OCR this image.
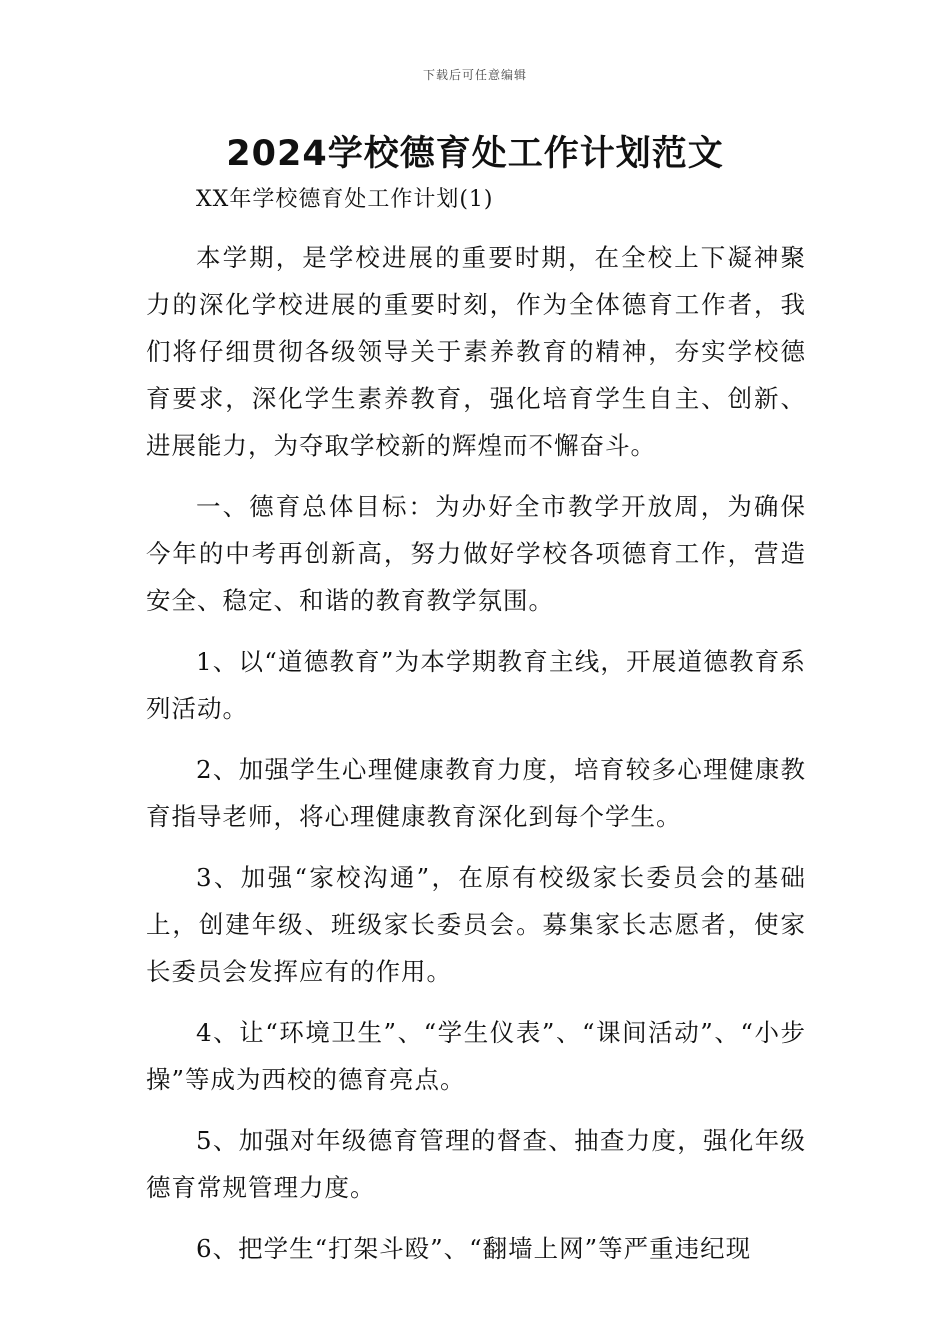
下载后可任意编辑
2024学校德育处工作计划范文

XX年学校德育处工作计划(1)

本学期，是学校进展的重要时期，在全校上下凝神聚力的深化学校进展的重要时刻，作为全体德育工作者，我们将仔细贯彻各级领导关于素养教育的精神，夯实学校德育要求，深化学生素养教育，强化培育学生自主、创新、进展能力，为夺取学校新的辉煌而不懈奋斗。

一、德育总体目标：为办好全市教学开放周，为确保今年的中考再创新高，努力做好学校各项德育工作，营造安全、稳定、和谐的教育教学氛围。

1、以“道德教育”为本学期教育主线，开展道德教育系列活动。

2、加强学生心理健康教育力度，培育较多心理健康教育指导老师，将心理健康教育深化到每个学生。

3、加强“家校沟通”，在原有校级家长委员会的基础上，创建年级、班级家长委员会。募集家长志愿者，使家长委员会发挥应有的作用。

4、让“环境卫生”、“学生仪表”、“课间活动”、“小步操”等成为西校的德育亮点。

5、加强对年级德育管理的督查、抽查力度，强化年级德育常规管理力度。

6、把学生“打架斗殴”、“翻墙上网”等严重违纪现
